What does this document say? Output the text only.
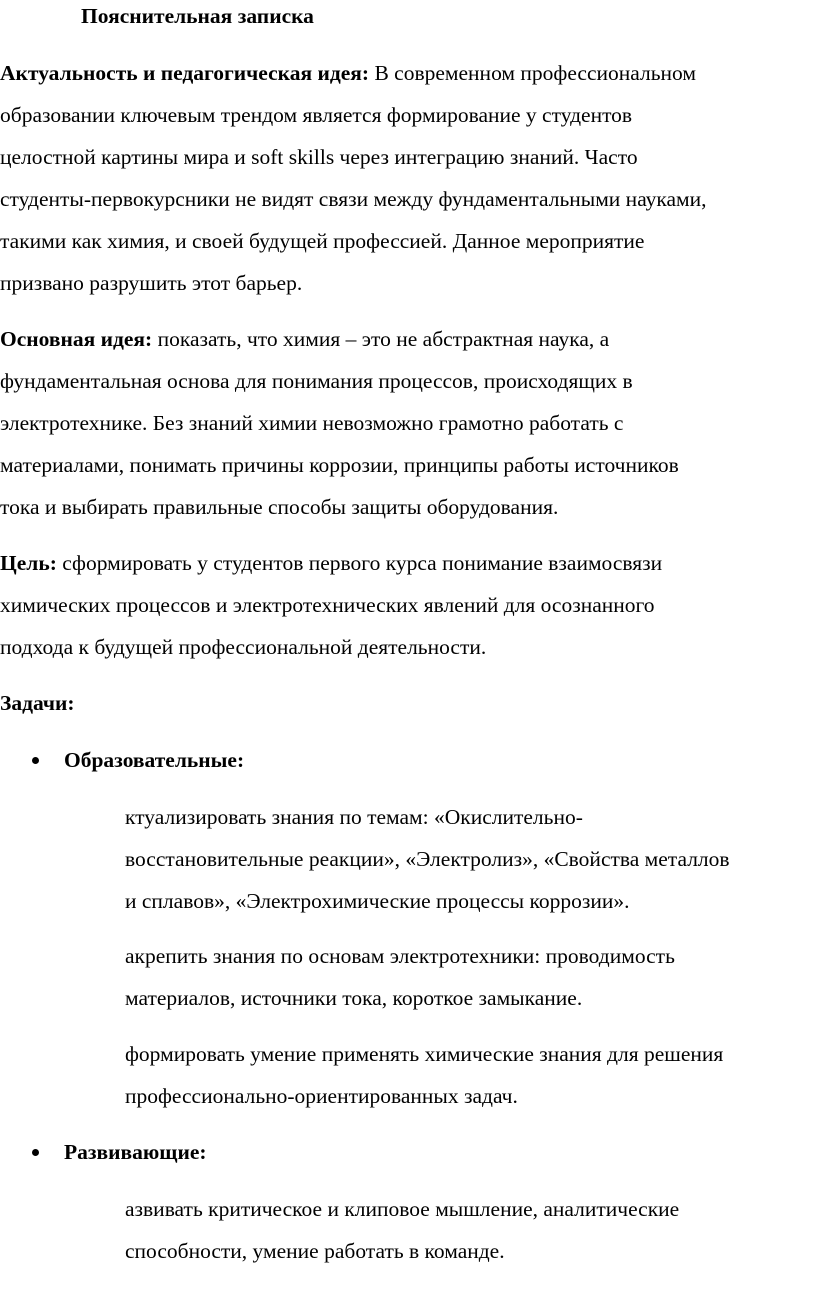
Пояснительная записка
Актуальность и педагогическая идея: В современном профессиональном
образовании ключевым трендом является формирование у студентов
целостной картины мира и soft skills через интеграцию знаний. Часто
студенты-первокурсники не видят связи между фундаментальными науками,
такими как химия, и своей будущей профессией. Данное мероприятие
призвано разрушить этот барьер.
Основная идея: показать, что химия – это не абстрактная наука, а
фундаментальная основа для понимания процессов, происходящих в
электротехнике. Без знаний химии невозможно грамотно работать с
материалами, понимать причины коррозии, принципы работы источников
тока и выбирать правильные способы защиты оборудования.
Цель: сформировать у студентов первого курса понимание взаимосвязи
химических процессов и электротехнических явлений для осознанного
подхода к будущей профессиональной деятельности.
Задачи:
Образовательные:
ктуализировать знания по темам: «Окислительно-
восстановительные реакции», «Электролиз», «Свойства металлов
и сплавов», «Электрохимические процессы коррозии».
акрепить знания по основам электротехники: проводимость
материалов, источники тока, короткое замыкание.
формировать умение применять химические знания для решения
профессионально-ориентированных задач.
Развивающие:
азвивать критическое и клиповое мышление, аналитические
способности, умение работать в команде.
